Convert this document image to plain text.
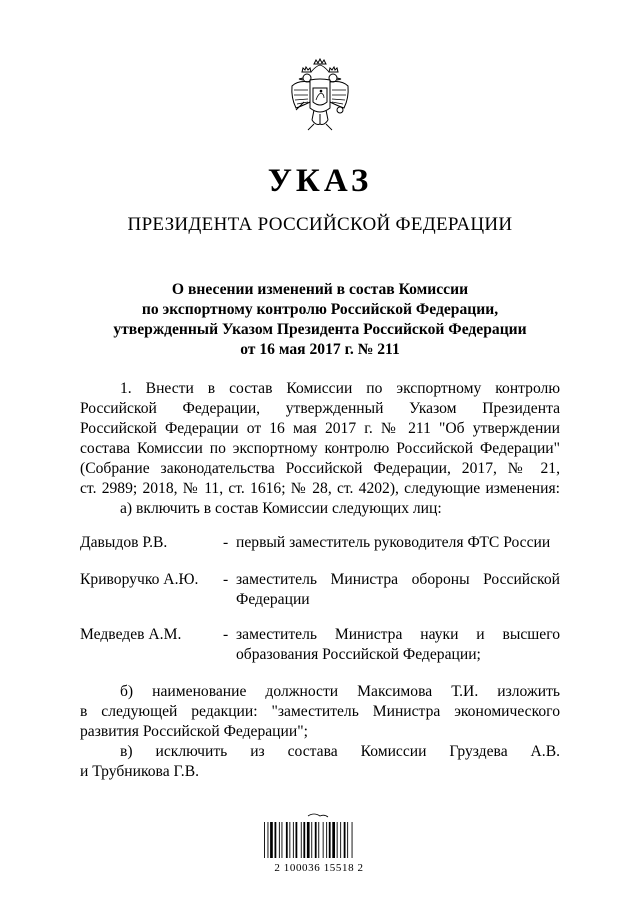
УКАЗ
ПРЕЗИДЕНТА РОССИЙСКОЙ ФЕДЕРАЦИИ
О внесении изменений в состав Комиссии
по экспортному контролю Российской Федерации,
утвержденный Указом Президента Российской Федерации
от 16 мая 2017 г. № 211
1. Внести в состав Комиссии по экспортному контролю
Российской Федерации, утвержденный Указом Президента
Российской Федерации от 16 мая 2017 г. № 211 "Об утверждении
состава Комиссии по экспортному контролю Российской Федерации"
(Собрание законодательства Российской Федерации, 2017, № 21,
ст. 2989; 2018, № 11, ст. 1616; № 28, ст. 4202), следующие изменения:
а) включить в состав Комиссии следующих лиц:
Давыдов Р.В.	- первый заместитель руководителя ФТС России
Криворучко А.Ю. - заместитель Министра обороны Российской Федерации
Медведев А.М.	- заместитель Министра науки и высшего образования Российской Федерации;
б) наименование должности Максимова Т.И. изложить
в следующей редакции: "заместитель Министра экономического
развития Российской Федерации";
в) исключить из состава Комиссии Груздева А.В.
и Трубникова Г.В.
2 100036 15518 2
